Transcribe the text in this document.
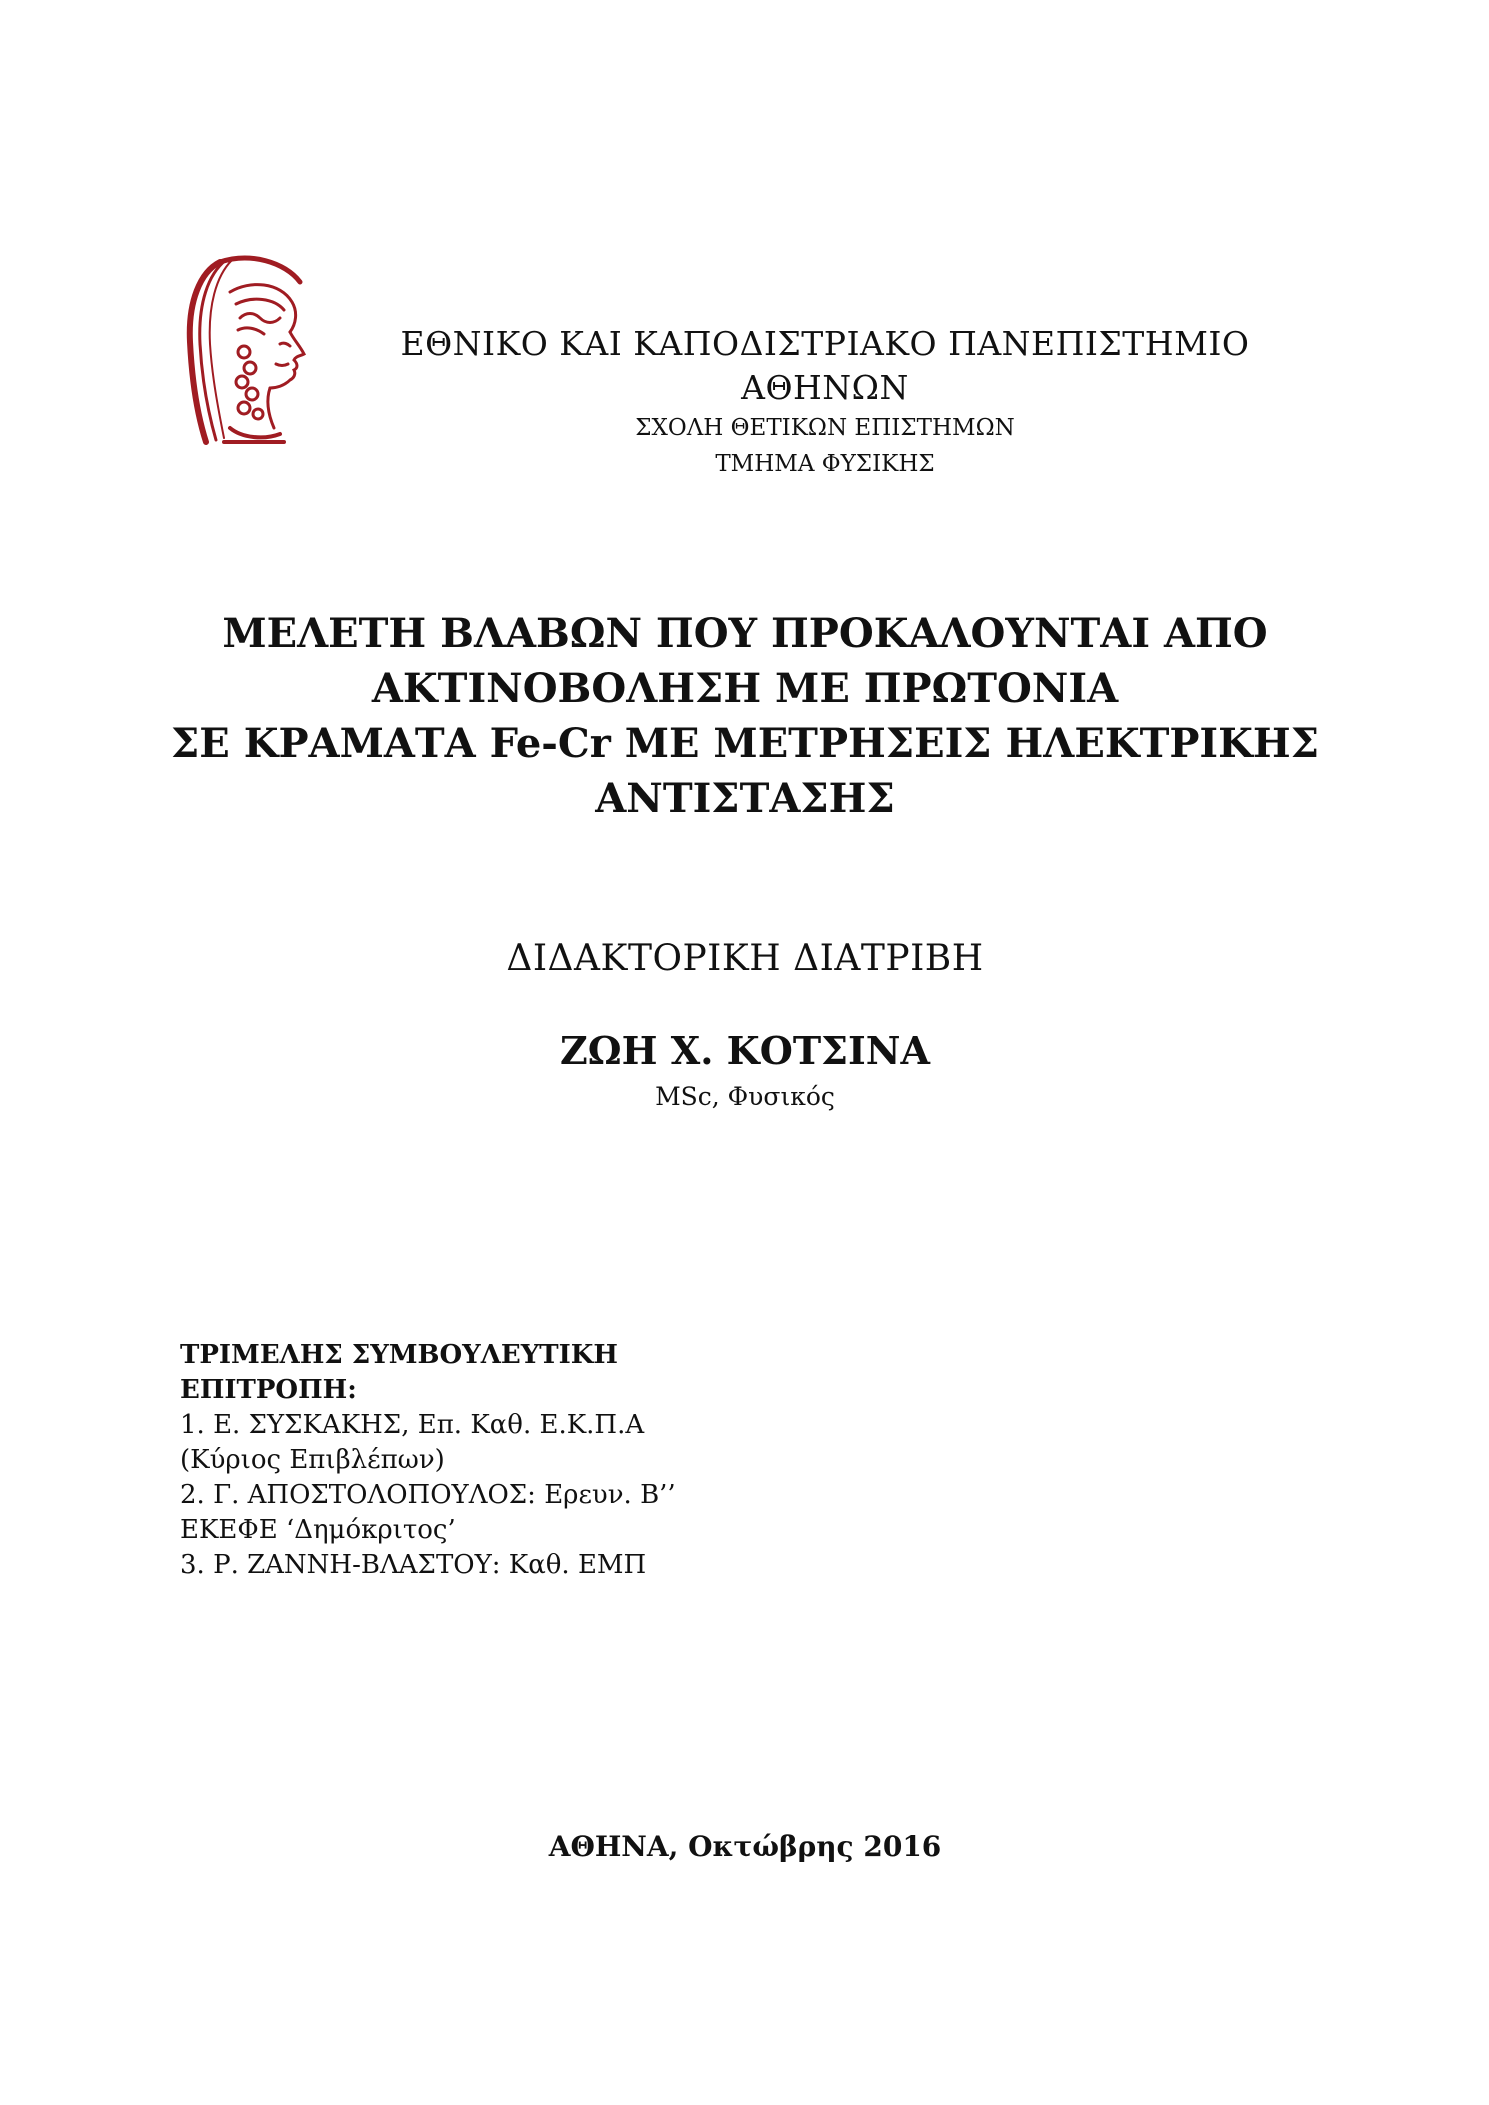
ΕΘΝΙΚΟ ΚΑΙ ΚΑΠΟΔΙΣΤΡΙΑΚΟ ΠΑΝΕΠΙΣΤΗΜΙΟ ΑΘΗΝΩΝ

ΣΧΟΛΗ ΘΕΤΙΚΩΝ ΕΠΙΣΤΗΜΩΝ

ΤΜΗΜΑ ΦΥΣΙΚΗΣ

ΜΕΛΕΤΗ ΒΛΑΒΩΝ ΠΟΥ ΠΡΟΚΑΛΟΥΝΤΑΙ ΑΠΟ
ΑΚΤΙΝΟΒΟΛΗΣΗ ΜΕ ΠΡΩΤΟΝΙΑ
ΣΕ ΚΡΑΜΑΤΑ Fe-Cr ΜΕ ΜΕΤΡΗΣΕΙΣ ΗΛΕΚΤΡΙΚΗΣ
ΑΝΤΙΣΤΑΣΗΣ
ΔΙΔΑΚΤΟΡΙΚΗ ΔΙΑΤΡΙΒΗ
ΖΩΗ Χ. ΚΟΤΣΙΝΑ
MSc, Φυσικός
ΤΡΙΜΕΛΗΣ ΣΥΜΒΟΥΛΕΥΤΙΚΗ
ΕΠΙΤΡΟΠΗ:
1. Ε. ΣΥΣΚΑΚΗΣ, Επ. Καθ. Ε.Κ.Π.Α
(Κύριος Επιβλέπων)
2. Γ. ΑΠΟΣΤΟΛΟΠΟΥΛΟΣ: Ερευν. Β’’
ΕΚΕΦΕ ‘Δημόκριτος’
3. Ρ. ΖΑΝΝΗ-ΒΛΑΣΤΟΥ: Καθ. ΕΜΠ
ΑΘΗΝΑ, Οκτώβρης 2016
